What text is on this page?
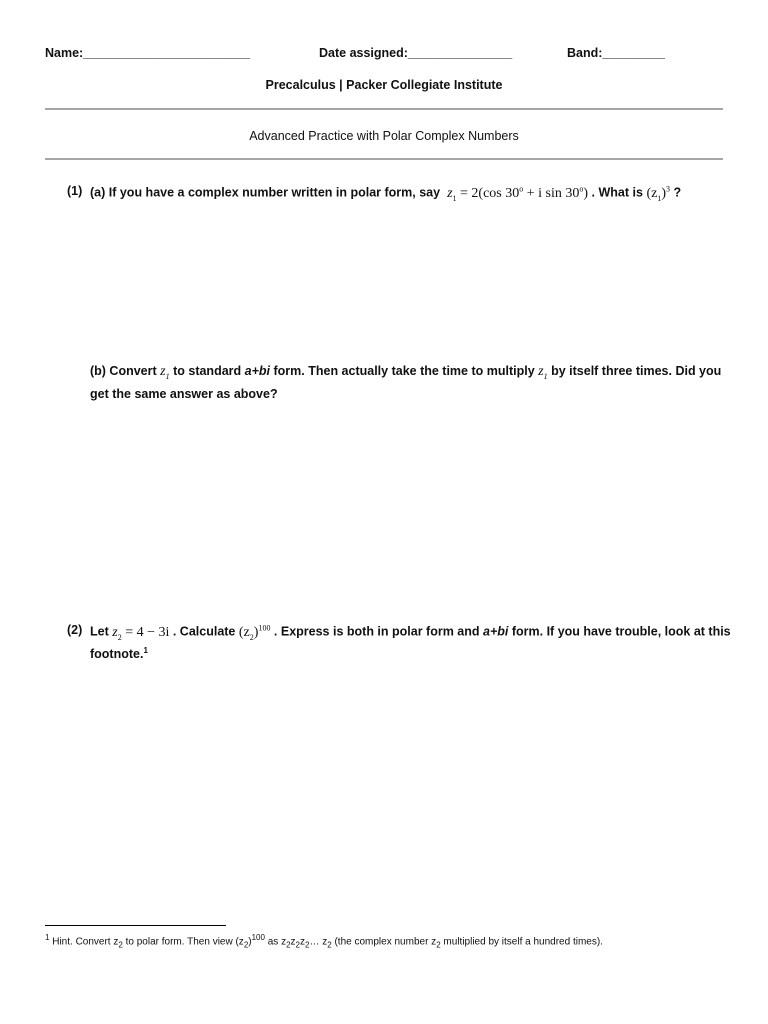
Name:________________________	Date assigned:_______________	Band:_________
Precalculus | Packer Collegiate Institute
Advanced Practice with Polar Complex Numbers
(1) (a) If you have a complex number written in polar form, say $z_1 = 2(\cos$ $30^o + i$ sin 30$^o$) . What is $(z_1)^3$ ?
(b) Convert $z_1$ to standard a+bi form. Then actually take the time to multiply $z_1$ by itself three times. Did you
get the same answer as above?
(2) Let $z_2 = 4 - 3i$ . Calculate $(z_2)^{100}$ . Express is both in polar form and a+bi form. If you have trouble, look at this
footnote.$^1$
$^1$ Hint. Convert $z_2$ to polar form. Then view $(z_2)^{100}$ as $z_2z_2z_2\dots$ $z_2$ (the complex number $z_2$ multiplied by itself a hundred times).
